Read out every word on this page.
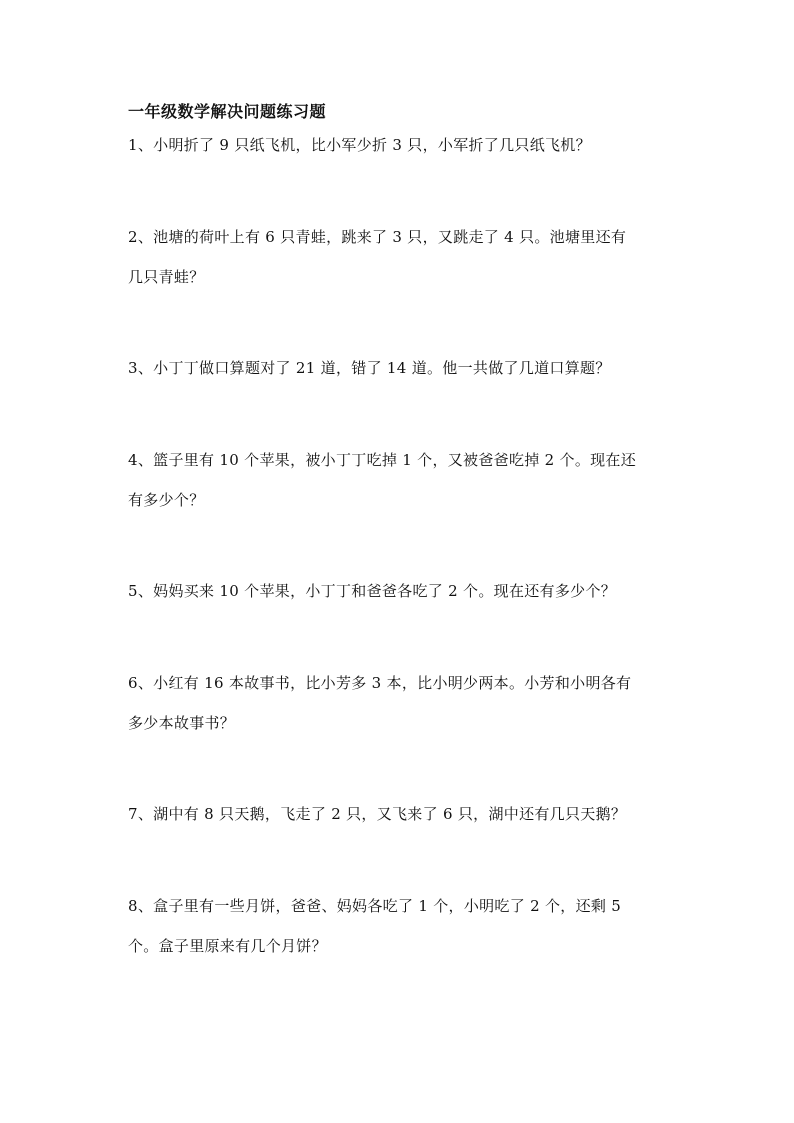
一年级数学解决问题练习题
1、小明折了 9 只纸飞机，比小军少折 3 只，小军折了几只纸飞机？
2、池塘的荷叶上有 6 只青蛙，跳来了 3 只，又跳走了 4 只。池塘里还有
几只青蛙？
3、小丁丁做口算题对了 21 道，错了 14 道。他一共做了几道口算题？
4、篮子里有 10 个苹果，被小丁丁吃掉 1 个，又被爸爸吃掉 2 个。现在还
有多少个？
5、妈妈买来 10 个苹果，小丁丁和爸爸各吃了 2 个。现在还有多少个？
6、小红有 16 本故事书，比小芳多 3 本，比小明少两本。小芳和小明各有
多少本故事书？
7、湖中有 8 只天鹅，飞走了 2 只，又飞来了 6 只，湖中还有几只天鹅？
8、盒子里有一些月饼，爸爸、妈妈各吃了 1 个，小明吃了 2 个，还剩 5
个。盒子里原来有几个月饼？
